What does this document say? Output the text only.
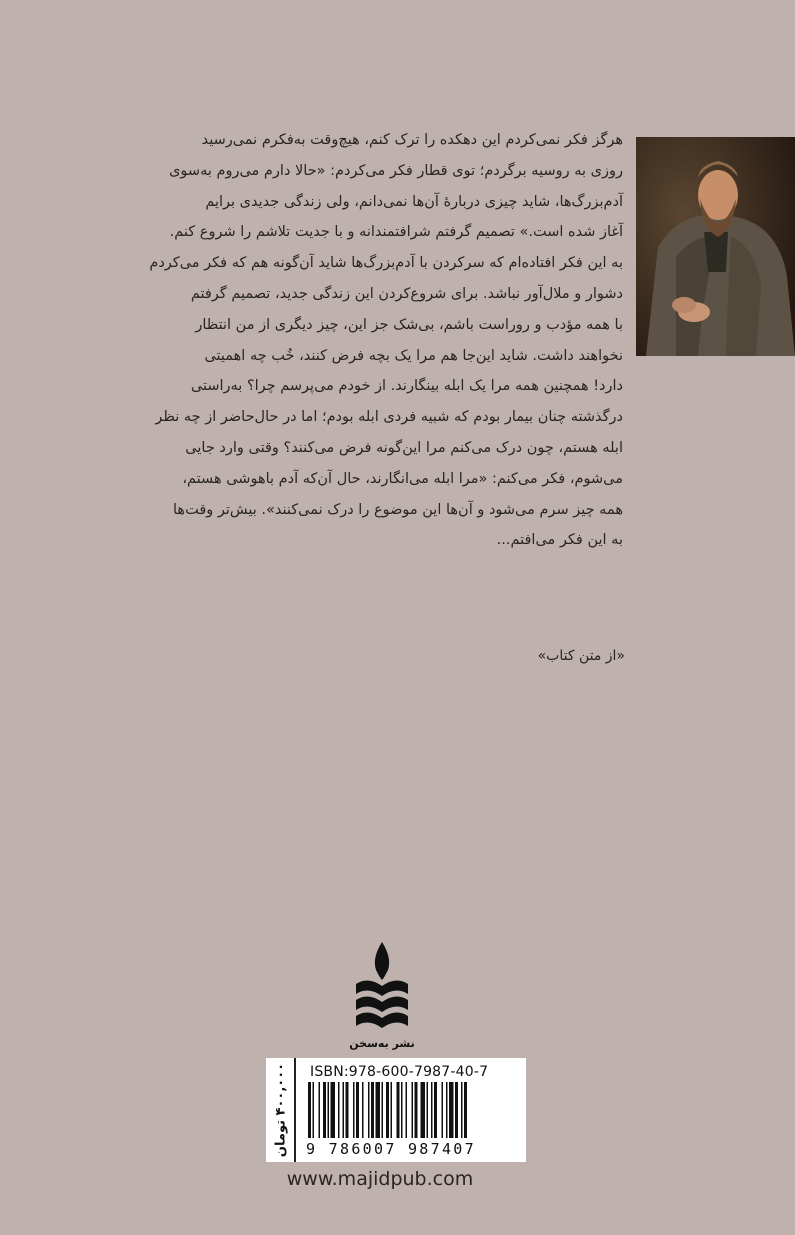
هرگز فکر نمی‌کردم این دهکده را ترک کنم، هیچ‌وقت به‌فکرم نمی‌رسید

روزی به روسیه برگردم؛ توی قطار فکر می‌کردم: «حالا دارم می‌روم به‌سوی

آدم‌بزرگ‌ها، شاید چیزی دربارهٔ آن‌ها نمی‌دانم، ولی زندگی جدیدی برایم

آغاز شده است.» تصمیم گرفتم شرافتمندانه و با جدیت تلاشم را شروع کنم.

به این فکر افتاده‌ام که سرکردن با آدم‌بزرگ‌ها شاید آن‌گونه هم که فکر می‌کردم

دشوار و ملال‌آور نباشد. برای شروع‌کردن این زندگی جدید، تصمیم گرفتم

با همه مؤدب و روراست باشم، بی‌شک جز این، چیز دیگری از من انتظار

نخواهند داشت. شاید این‌جا هم مرا یک بچه فرض کنند، خُب چه اهمیتی

دارد! همچنین همه مرا یک ابله بینگارند. از خودم می‌پرسم چرا؟ به‌راستی

درگذشته چنان بیمار بودم که شبیه فردی ابله بودم؛ اما در حال‌حاضر از چه نظر

ابله هستم، چون درک می‌کنم مرا این‌گونه فرض می‌کنند؟ وقتی وارد جایی

می‌شوم، فکر می‌کنم: «مرا ابله می‌انگارند، حال آن‌که آدم باهوشی هستم،

همه چیز سرم می‌شود و آن‌ها این موضوع را درک نمی‌کنند». بیش‌تر وقت‌ها

به این فکر می‌افتم...

«از متن کتاب»
نشر به‌سخن
۴۰۰,۰۰۰ تومان ISBN:978-600-7987-40-7
9 786007 987407
www.majidpub.com
